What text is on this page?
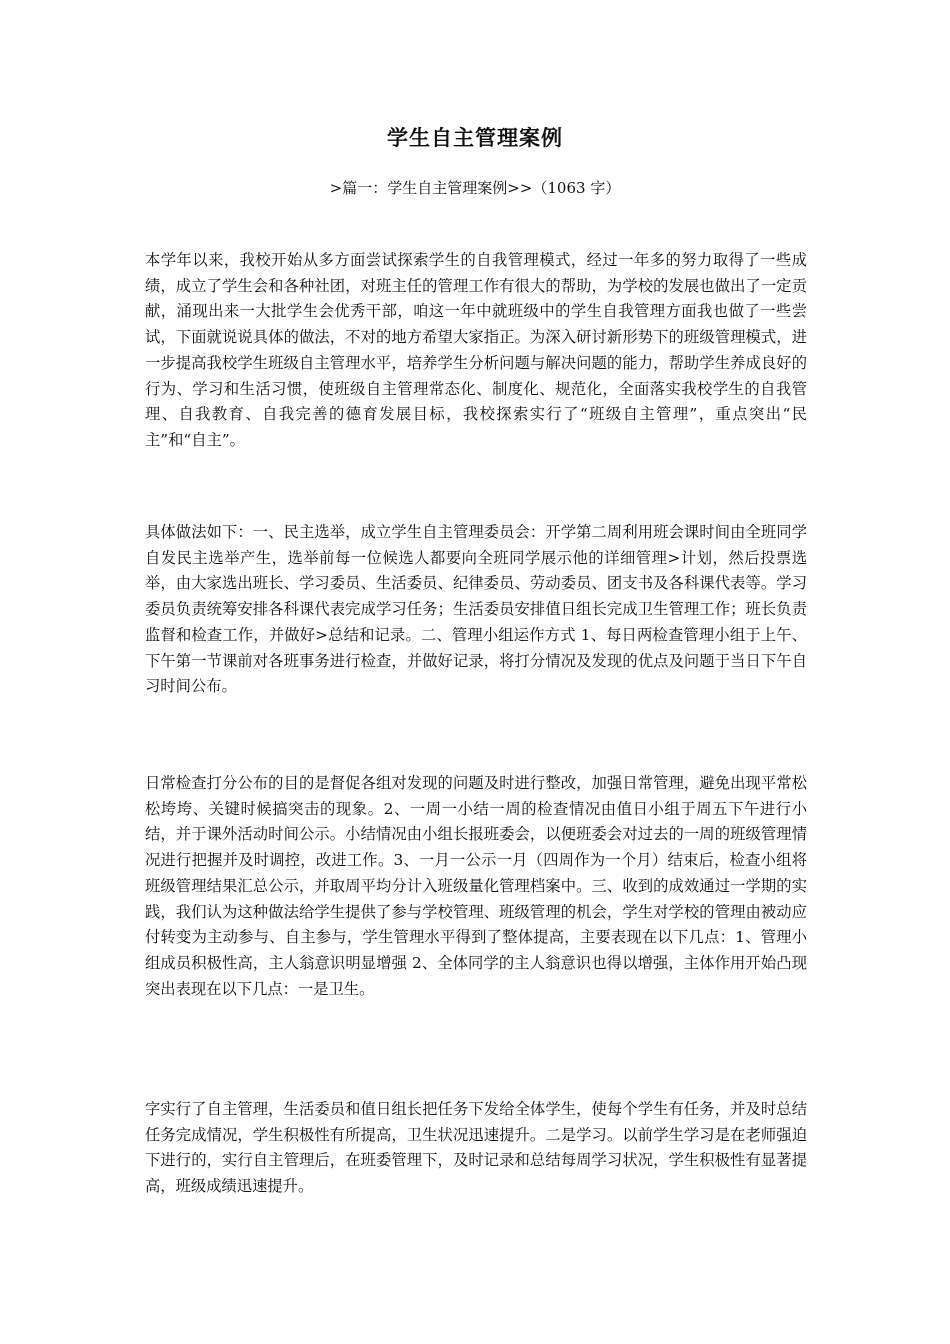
学生自主管理案例

>篇一：学生自主管理案例>>（1063 字）

本学年以来，我校开始从多方面尝试探索学生的自我管理模式，经过一年多的努力取得了一些成绩，成立了学生会和各种社团，对班主任的管理工作有很大的帮助，为学校的发展也做出了一定贡献，涌现出来一大批学生会优秀干部，咱这一年中就班级中的学生自我管理方面我也做了一些尝试，下面就说说具体的做法，不对的地方希望大家指正。为深入研讨新形势下的班级管理模式，进一步提高我校学生班级自主管理水平，培养学生分析问题与解决问题的能力，帮助学生养成良好的行为、学习和生活习惯，使班级自主管理常态化、制度化、规范化，全面落实我校学生的自我管理、自我教育、自我完善的德育发展目标，我校探索实行了“班级自主管理”，重点突出“民主”和“自主”。

具体做法如下：一、民主选举，成立学生自主管理委员会：开学第二周利用班会课时间由全班同学自发民主选举产生，选举前每一位候选人都要向全班同学展示他的详细管理>计划，然后投票选举，由大家选出班长、学习委员、生活委员、纪律委员、劳动委员、团支书及各科课代表等。学习委员负责统筹安排各科课代表完成学习任务；生活委员安排值日组长完成卫生管理工作；班长负责监督和检查工作，并做好>总结和记录。二、管理小组运作方式 1、每日两检查管理小组于上午、下午第一节课前对各班事务进行检查，并做好记录，将打分情况及发现的优点及问题于当日下午自习时间公布。

日常检查打分公布的目的是督促各组对发现的问题及时进行整改，加强日常管理，避免出现平常松松垮垮、关键时候搞突击的现象。2、一周一小结一周的检查情况由值日小组于周五下午进行小结，并于课外活动时间公示。小结情况由小组长报班委会，以便班委会对过去的一周的班级管理情况进行把握并及时调控，改进工作。3、一月一公示一月（四周作为一个月）结束后，检查小组将班级管理结果汇总公示，并取周平均分计入班级量化管理档案中。三、收到的成效通过一学期的实践，我们认为这种做法给学生提供了参与学校管理、班级管理的机会，学生对学校的管理由被动应付转变为主动参与、自主参与，学生管理水平得到了整体提高，主要表现在以下几点：1、管理小组成员积极性高，主人翁意识明显增强 2、全体同学的主人翁意识也得以增强，主体作用开始凸现突出表现在以下几点：一是卫生。

字实行了自主管理，生活委员和值日组长把任务下发给全体学生，使每个学生有任务，并及时总结任务完成情况，学生积极性有所提高，卫生状况迅速提升。二是学习。以前学生学习是在老师强迫下进行的，实行自主管理后，在班委管理下，及时记录和总结每周学习状况，学生积极性有显著提高，班级成绩迅速提升。
